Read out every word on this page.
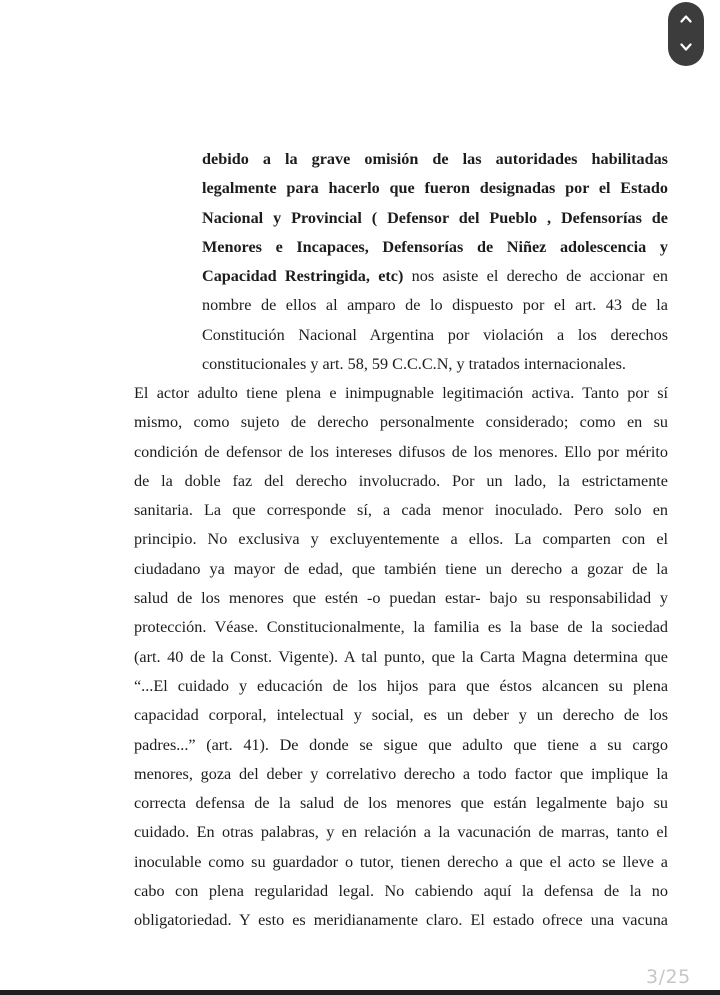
debido a la grave omisión de las autoridades habilitadas
legalmente para hacerlo que fueron designadas por el Estado
Nacional y Provincial ( Defensor del Pueblo , Defensorías de
Menores e Incapaces, Defensorías de Niñez adolescencia y
Capacidad Restringida, etc) nos asiste el derecho de accionar en
nombre de ellos al amparo de lo dispuesto por el art. 43 de la
Constitución Nacional Argentina por violación a los derechos
constitucionales y art. 58, 59 C.C.C.N, y tratados internacionales.
El actor adulto tiene plena e inimpugnable legitimación activa. Tanto por sí
mismo, como sujeto de derecho personalmente considerado; como en su
condición de defensor de los intereses difusos de los menores. Ello por mérito
de la doble faz del derecho involucrado. Por un lado, la estrictamente
sanitaria. La que corresponde sí, a cada menor inoculado. Pero solo en
principio. No exclusiva y excluyentemente a ellos. La comparten con el
ciudadano ya mayor de edad, que también tiene un derecho a gozar de la
salud de los menores que estén -o puedan estar- bajo su responsabilidad y
protección. Véase. Constitucionalmente, la familia es la base de la sociedad
(art. 40 de la Const. Vigente). A tal punto, que la Carta Magna determina que
“...El cuidado y educación de los hijos para que éstos alcancen su plena
capacidad corporal, intelectual y social, es un deber y un derecho de los
padres...” (art. 41). De donde se sigue que adulto que tiene a su cargo
menores, goza del deber y correlativo derecho a todo factor que implique la
correcta defensa de la salud de los menores que están legalmente bajo su
cuidado. En otras palabras, y en relación a la vacunación de marras, tanto el
inoculable como su guardador o tutor, tienen derecho a que el acto se lleve a
cabo con plena regularidad legal. No cabiendo aquí la defensa de la no
obligatoriedad. Y esto es meridianamente claro. El estado ofrece una vacuna
3/25
